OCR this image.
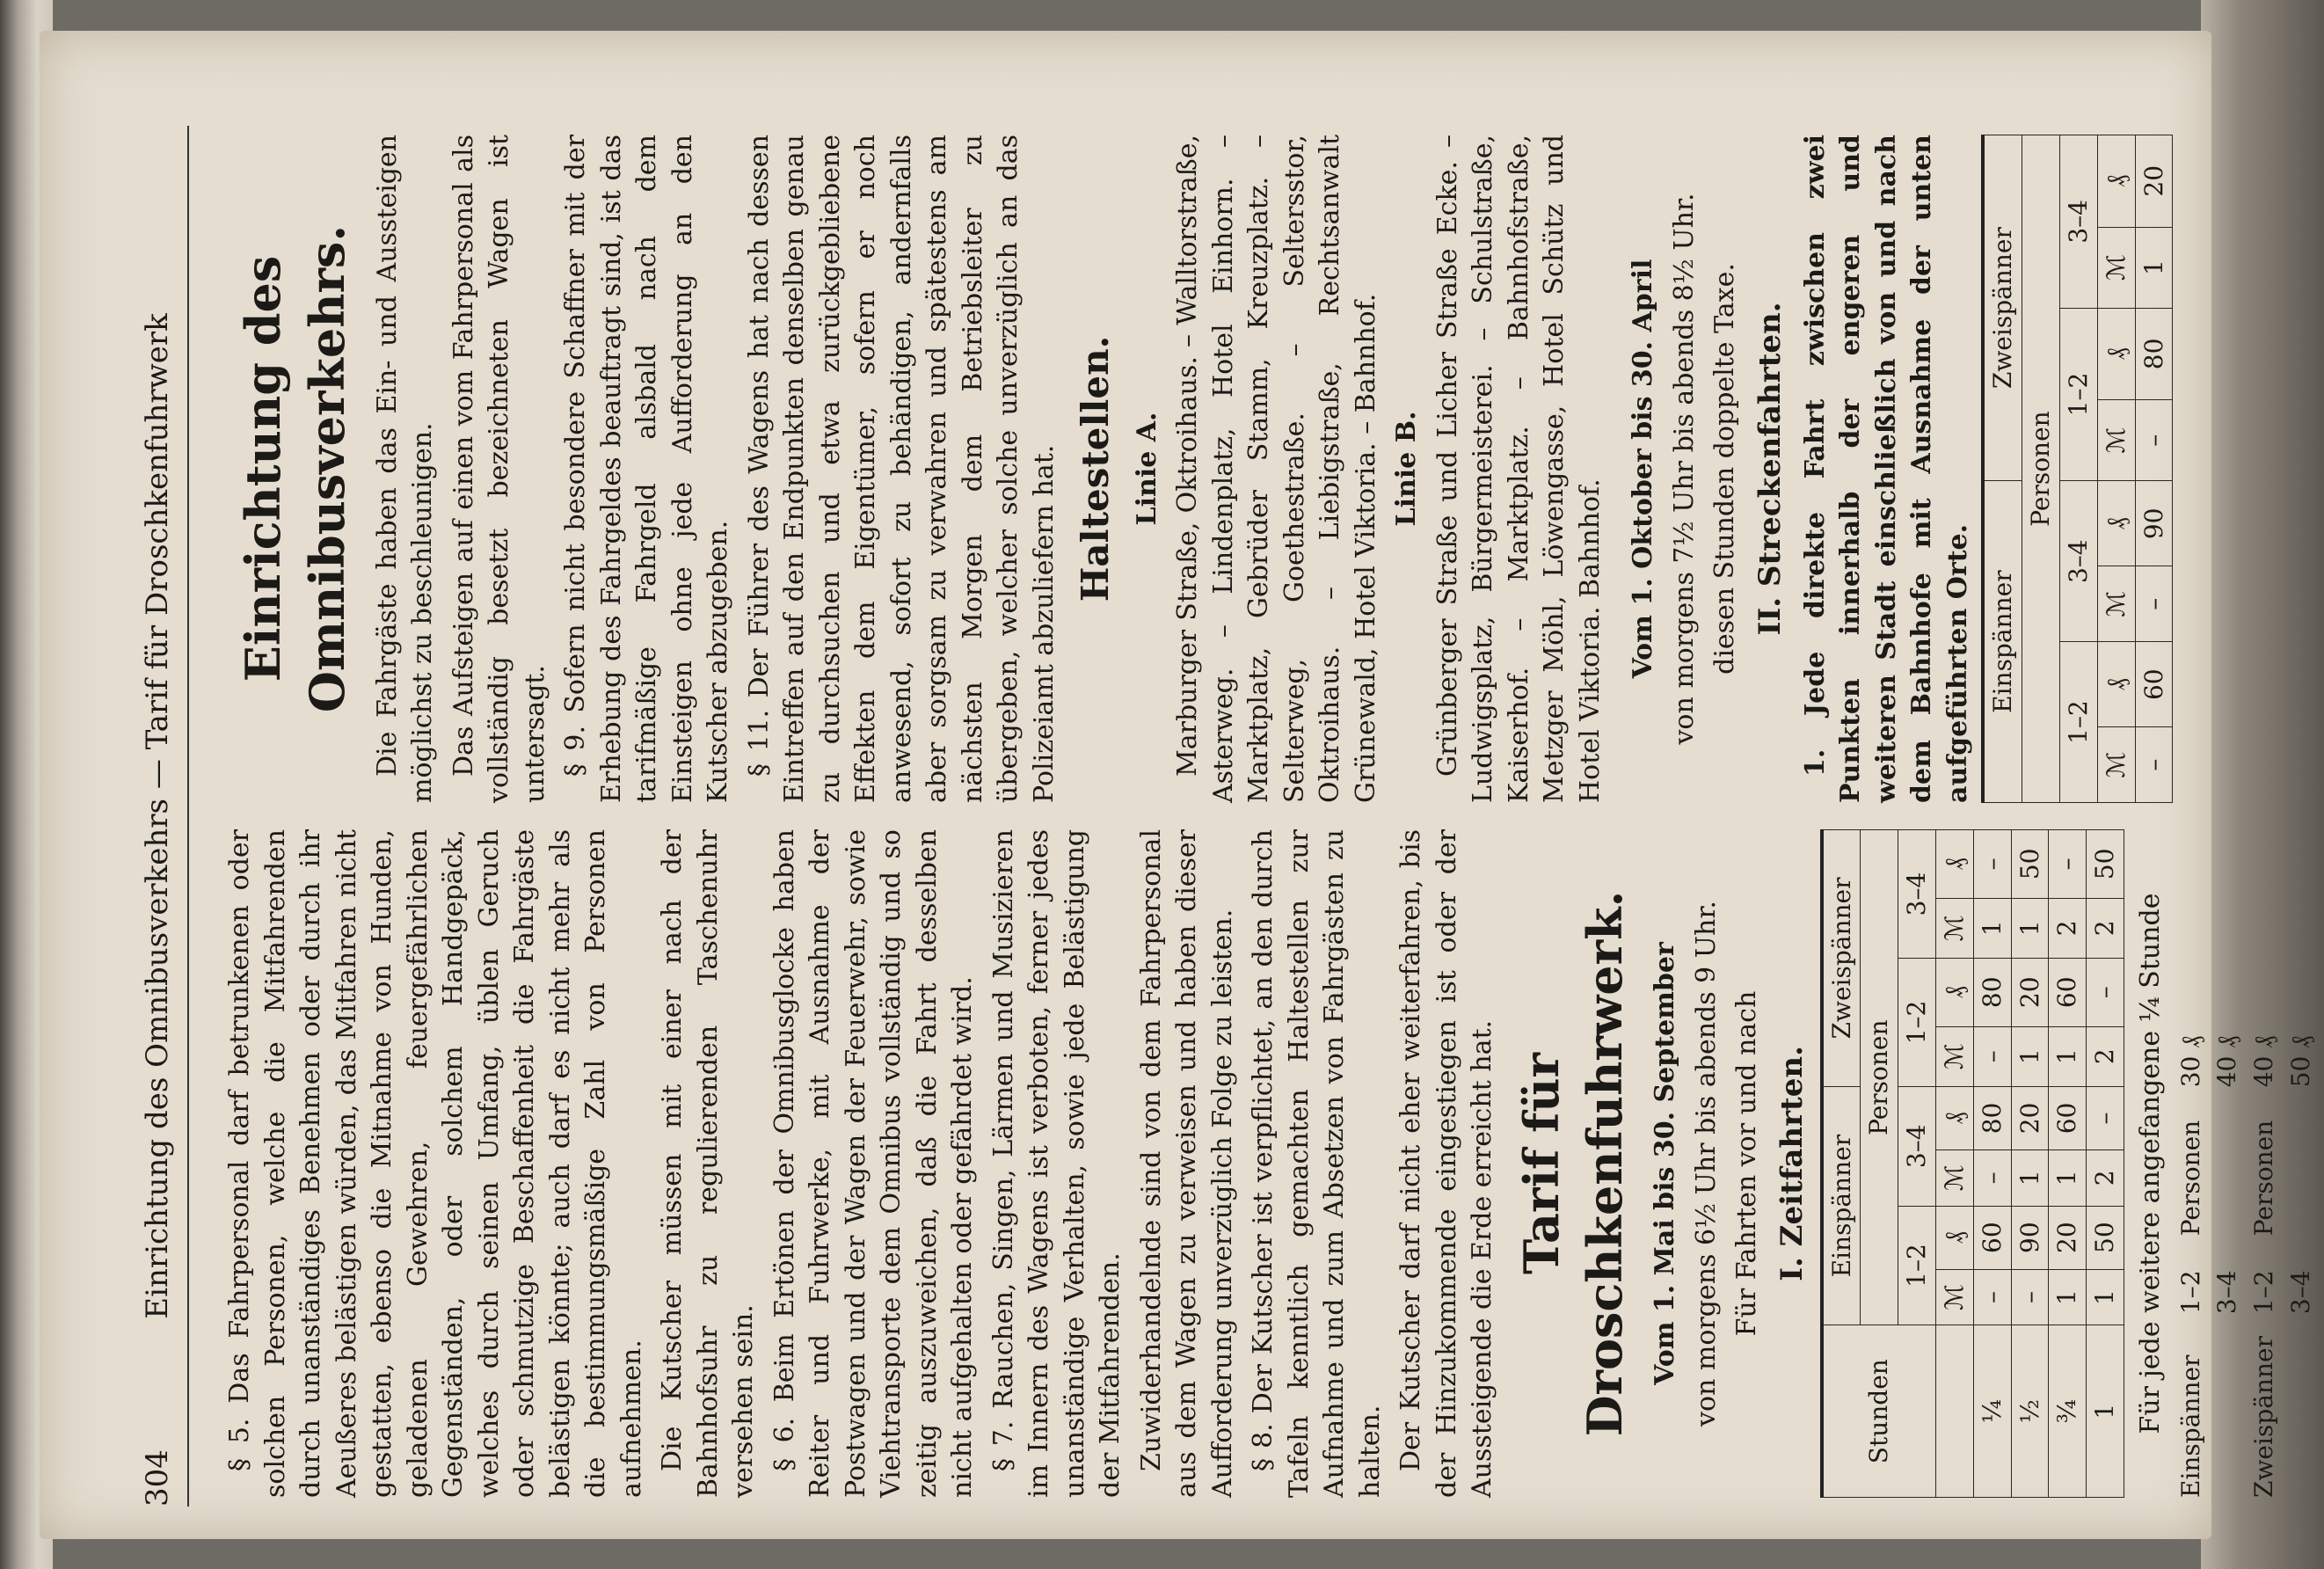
304
Einrichtung des Omnibusverkehrs — Tarif für Droschkenfuhrwerk § 5. Das Fahrpersonal darf betrunkenen oder solchen Personen, welche die Mitfahrenden durch unanständiges Benehmen oder durch ihr Aeußeres belästigen würden, das Mitfahren nicht gestatten, ebenso die Mitnahme von Hunden, geladenen Gewehren, feuergefährlichen Gegenständen, oder solchem Handgepäck, welches durch seinen Umfang, üblen Geruch oder schmutzige Beschaffenheit die Fahrgäste belästigen könnte; auch darf es nicht mehr als die bestimmungsmäßige Zahl von Personen aufnehmen. Die Kutscher müssen mit einer nach der Bahnhofsuhr zu regulierenden Taschenuhr versehen sein. § 6. Beim Ertönen der Omnibusglocke haben Reiter und Fuhrwerke, mit Ausnahme der Postwagen und der Wagen der Feuerwehr, sowie Viehtransporte dem Omnibus vollständig und so zeitig auszuweichen, daß die Fahrt desselben nicht aufgehalten oder gefährdet wird. § 7. Rauchen, Singen, Lärmen und Musizieren im Innern des Wagens ist verboten, ferner jedes unanständige Verhalten, sowie jede Belästigung der Mitfahrenden. Zuwiderhandelnde sind von dem Fahrpersonal aus dem Wagen zu verweisen und haben dieser Aufforderung unverzüglich Folge zu leisten. § 8. Der Kutscher ist verpflichtet, an den durch Tafeln kenntlich gemachten Haltestellen zur Aufnahme und zum Absetzen von Fahrgästen zu halten. Der Kutscher darf nicht eher weiterfahren, bis der Hinzukommende eingestiegen ist oder der Aussteigende die Erde erreicht hat. Tarif für Droschkenfuhrwerk. Vom 1. Mai bis 30. September von morgens 6½ Uhr bis abends 9 Uhr. Für Fahrten vor und nach I. Zeitfahrten.
Stunden	Einspänner				Zweispänner			
	Personen							
	1–2		3–4		1–2		3–4	
	ℳ	₰	ℳ	₰	ℳ	₰	ℳ	₰
¼	–	60	–	80	–	80	1	–
½	–	90	1	20	1	20	1	50
¾	1	20	1	60	1	60	2	–
1	1	50	2	–	2	–	2	50
Für jede weitere angefangene ¼ Stunde Einspänner 1–2 Personen 30 ₰
3–4  40 ₰
Zweispänner 1–2 Personen 40 ₰
3–4  50 ₰
Einrichtung des Omnibusverkehrs. Die Fahrgäste haben das Ein- und Aussteigen möglichst zu beschleunigen. Das Aufsteigen auf einen vom Fahrpersonal als vollständig besetzt bezeichneten Wagen ist untersagt. § 9. Sofern nicht besondere Schaffner mit der Erhebung des Fahrgeldes beauftragt sind, ist das tarifmäßige Fahrgeld alsbald nach dem Einsteigen ohne jede Aufforderung an den Kutscher abzugeben. § 11. Der Führer des Wagens hat nach dessen Eintreffen auf den Endpunkten denselben genau zu durchsuchen und etwa zurückgebliebene Effekten dem Eigentümer, sofern er noch anwesend, sofort zu behändigen, andernfalls aber sorgsam zu verwahren und spätestens am nächsten Morgen dem Betriebsleiter zu übergeben, welcher solche unverzüglich an das Polizeiamt abzuliefern hat. Haltestellen. Linie A. Marburger Straße, Oktroihaus. – Walltorstraße, Asterweg. – Lindenplatz, Hotel Einhorn. – Marktplatz, Gebrüder Stamm, Kreuzplatz. – Selterweg, Goethestraße. – Seltersstor, Oktroihaus. – Liebigstraße, Rechtsanwalt Grünewald, Hotel Viktoria. – Bahnhof. Linie B. Grünberger Straße und Licher Straße Ecke. – Ludwigsplatz, Bürgermeisterei. – Schulstraße, Kaiserhof. – Marktplatz. – Bahnhofstraße, Metzger Möhl, Löwengasse, Hotel Schütz und Hotel Viktoria. Bahnhof. Vom 1. Oktober bis 30. April von morgens 7½ Uhr bis abends 8½ Uhr. diesen Stunden doppelte Taxe. II. Streckenfahrten. 1. Jede direkte Fahrt zwischen zwei Punkten innerhalb der engeren und weiteren Stadt einschließlich von und nach dem Bahnhofe mit Ausnahme der unten aufgeführten Orte. Einspänner				Zweispänner			
Personen							
1–2		3–4		1–2		3–4	
ℳ	₰	ℳ	₰	ℳ	₰	ℳ	₰
–	60	–	90	–	80	1	20
